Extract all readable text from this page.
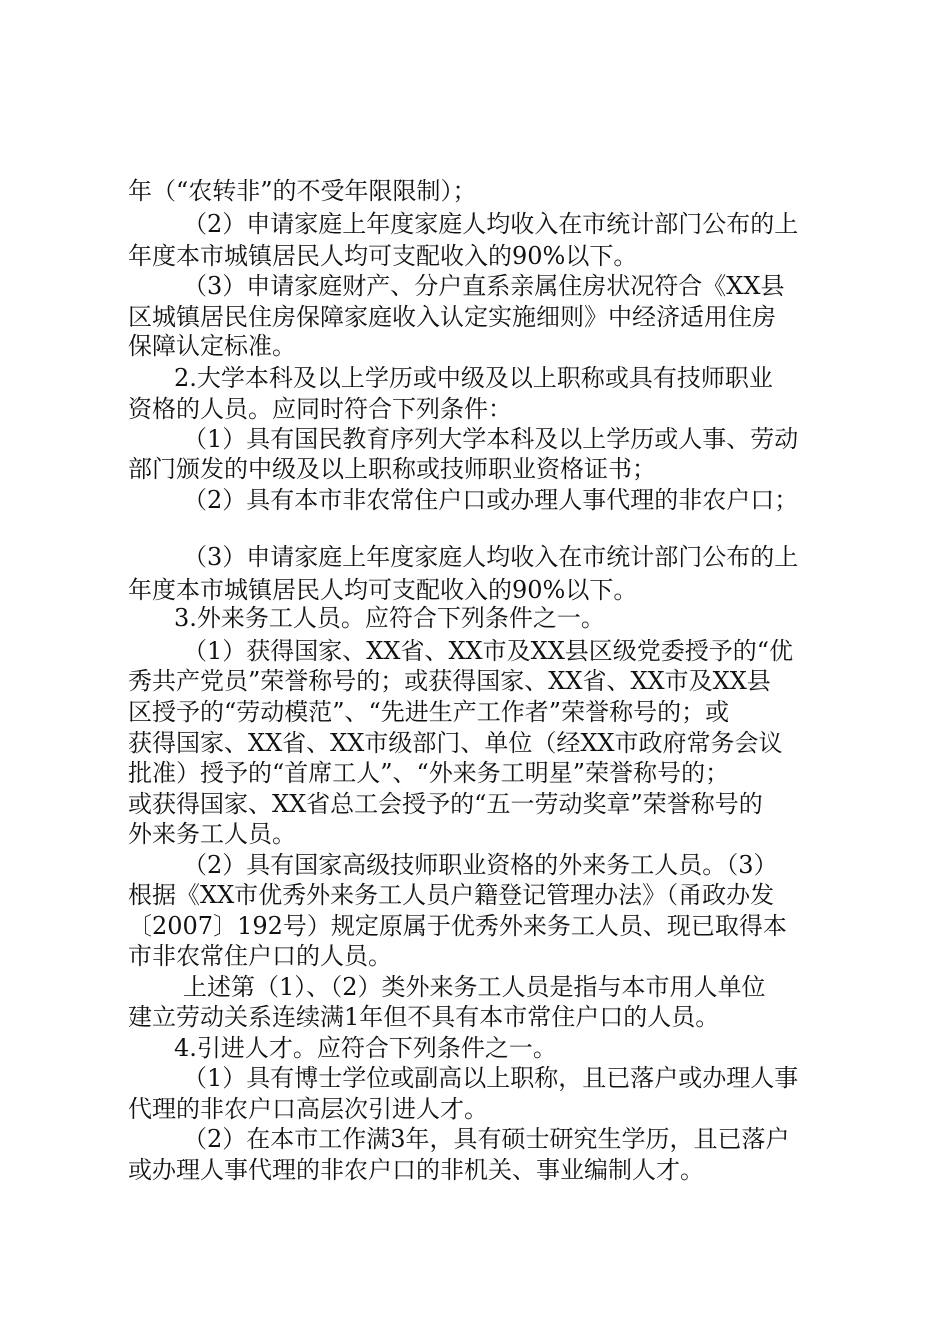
年（“农转非”的不受年限限制）；
（2）申请家庭上年度家庭人均收入在市统计部门公布的上
年度本市城镇居民人均可支配收入的90%以下。
（3）申请家庭财产、分户直系亲属住房状况符合《XX县
区城镇居民住房保障家庭收入认定实施细则》中经济适用住房
保障认定标准。
2.大学本科及以上学历或中级及以上职称或具有技师职业
资格的人员。应同时符合下列条件：
（1）具有国民教育序列大学本科及以上学历或人事、劳动
部门颁发的中级及以上职称或技师职业资格证书；
（2）具有本市非农常住户口或办理人事代理的非农户口；
（3）申请家庭上年度家庭人均收入在市统计部门公布的上
年度本市城镇居民人均可支配收入的90%以下。
3.外来务工人员。应符合下列条件之一。
（1）获得国家、XX省、XX市及XX县区级党委授予的“优
秀共产党员”荣誉称号的；或获得国家、XX省、XX市及XX县
区授予的“劳动模范”、“先进生产工作者”荣誉称号的；或
获得国家、XX省、XX市级部门、单位（经XX市政府常务会议
批准）授予的“首席工人”、“外来务工明星”荣誉称号的；
或获得国家、XX省总工会授予的“五一劳动奖章”荣誉称号的
外来务工人员。
（2）具有国家高级技师职业资格的外来务工人员。（3）
根据《XX市优秀外来务工人员户籍登记管理办法》（甬政办发
〔2007〕192号）规定原属于优秀外来务工人员、现已取得本
市非农常住户口的人员。
上述第（1）、（2）类外来务工人员是指与本市用人单位
建立劳动关系连续满1年但不具有本市常住户口的人员。
4.引进人才。应符合下列条件之一。
（1）具有博士学位或副高以上职称，且已落户或办理人事
代理的非农户口高层次引进人才。
（2）在本市工作满3年，具有硕士研究生学历，且已落户
或办理人事代理的非农户口的非机关、事业编制人才。
